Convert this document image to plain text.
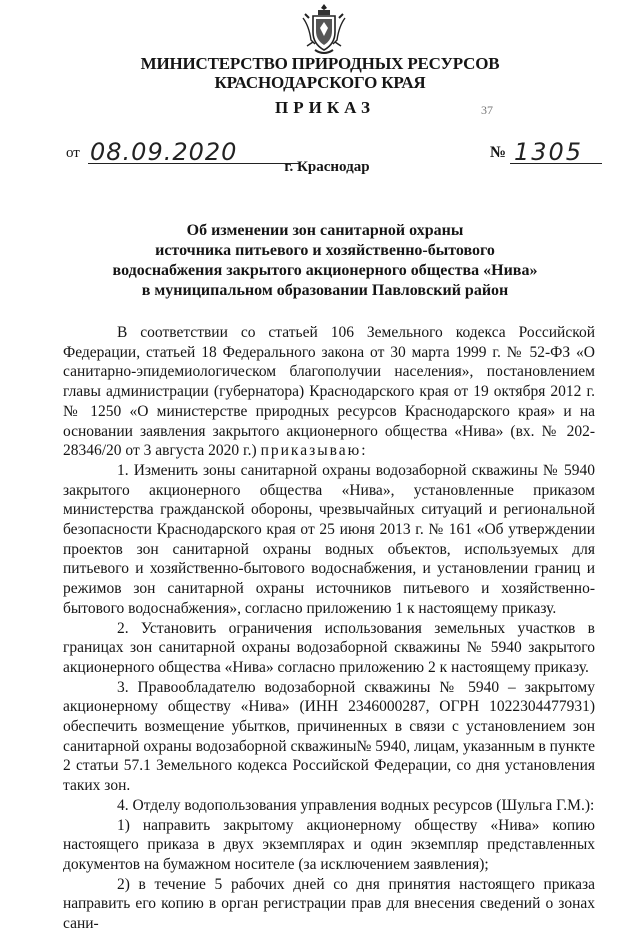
МИНИСТЕРСТВО ПРИРОДНЫХ РЕСУРСОВ
КРАСНОДАРСКОГО КРАЯ
ПРИКАЗ	37
от 08.09.2020	№ 1305
г. Краснодар
Об изменении зон санитарной охраны
источника питьевого и хозяйственно-бытового
водоснабжения закрытого акционерного общества «Нива»
в муниципальном образовании Павловский район

В соответствии со статьей 106 Земельного кодекса Российской Федерации, статьей 18 Федерального закона от 30 марта 1999 г. № 52-ФЗ «О санитарно-эпидемиологическом благополучии населения», постановлением главы администрации (губернатора) Краснодарского края от 19 октября 2012 г. № 1250 «О министерстве природных ресурсов Краснодарского края» и на основании заявления закрытого акционерного общества «Нива» (вх. № 202-28346/20 от 3 августа 2020 г.) приказываю:

1. Изменить зоны санитарной охраны водозаборной скважины № 5940 закрытого акционерного общества «Нива», установленные приказом министерства гражданской обороны, чрезвычайных ситуаций и региональной безопасности Краснодарского края от 25 июня 2013 г. № 161 «Об утверждении проектов зон санитарной охраны водных объектов, используемых для питьевого и хозяйственно-бытового водоснабжения, и установлении границ и режимов зон санитарной охраны источников питьевого и хозяйственно-бытового водоснабжения», согласно приложению 1 к настоящему приказу.

2. Установить ограничения использования земельных участков в границах зон санитарной охраны водозаборной скважины № 5940 закрытого акционерного общества «Нива» согласно приложению 2 к настоящему приказу.

3. Правообладателю водозаборной скважины № 5940 – закрытому акционерному обществу «Нива» (ИНН 2346000287, ОГРН 1022304477931) обеспечить возмещение убытков, причиненных в связи с установлением зон санитарной охраны водозаборной скважины№ 5940, лицам, указанным в пункте 2 статьи 57.1 Земельного кодекса Российской Федерации, со дня установления таких зон.

4. Отделу водопользования управления водных ресурсов (Шульга Г.М.):

1) направить закрытому акционерному обществу «Нива» копию настоящего приказа в двух экземплярах и один экземпляр представленных документов на бумажном носителе (за исключением заявления);

2) в течение 5 рабочих дней со дня принятия настоящего приказа направить его копию в орган регистрации прав для внесения сведений о зонах сани-
